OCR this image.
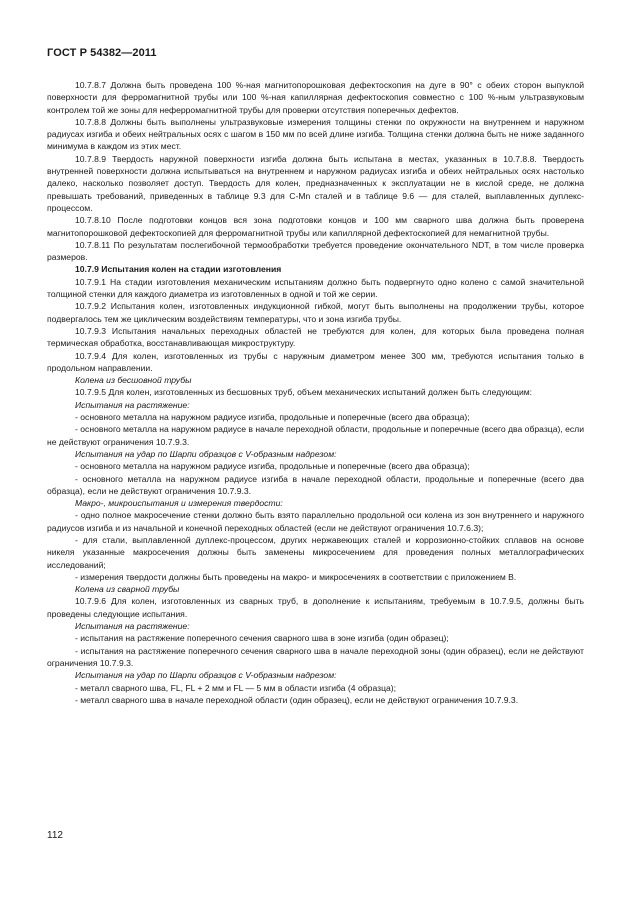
ГОСТ Р 54382—2011

10.7.8.7 Должна быть проведена 100 %-ная магнитопорошковая дефектоскопия на дуге в 90° с обеих сторон выпуклой поверхности для ферромагнитной трубы или 100 %-ная капиллярная дефектоскопия совместно с 100 %-ным ультразвуковым контролем той же зоны для неферромагнитной трубы для проверки отсутствия поперечных дефектов.

10.7.8.8 Должны быть выполнены ультразвуковые измерения толщины стенки по окружности на внутреннем и наружном радиусах изгиба и обеих нейтральных осях с шагом в 150 мм по всей длине изгиба. Толщина стенки должна быть не ниже заданного минимума в каждом из этих мест.

10.7.8.9 Твердость наружной поверхности изгиба должна быть испытана в местах, указанных в 10.7.8.8. Твердость внутренней поверхности должна испытываться на внутреннем и наружном радиусах изгиба и обеих нейтральных осях настолько далеко, насколько позволяет доступ. Твердость для колен, предназначенных к эксплуатации не в кислой среде, не должна превышать требований, приведенных в таблице 9.3 для С-Mn сталей и в таблице 9.6 — для сталей, выплавленных дуплекс-процессом.

10.7.8.10 После подготовки концов вся зона подготовки концов и 100 мм сварного шва должна быть проверена магнитопорошковой дефектоскопией для ферромагнитной трубы или капиллярной дефектоскопией для немагнитной трубы.

10.7.8.11 По результатам послегибочной термообработки требуется проведение окончательного NDT, в том числе проверка размеров.

10.7.9 Испытания колен на стадии изготовления

10.7.9.1 На стадии изготовления механическим испытаниям должно быть подвергнуто одно колено с самой значительной толщиной стенки для каждого диаметра из изготовленных в одной и той же серии.

10.7.9.2 Испытания колен, изготовленных индукционной гибкой, могут быть выполнены на продолжении трубы, которое подвергалось тем же циклическим воздействиям температуры, что и зона изгиба трубы.

10.7.9.3 Испытания начальных переходных областей не требуются для колен, для которых была проведена полная термическая обработка, восстанавливающая микроструктуру.

10.7.9.4 Для колен, изготовленных из трубы с наружным диаметром менее 300 мм, требуются испытания только в продольном направлении.

Колена из бесшовной трубы

10.7.9.5 Для колен, изготовленных из бесшовных труб, объем механических испытаний должен быть следующим:

Испытания на растяжение:

- основного металла на наружном радиусе изгиба, продольные и поперечные (всего два образца);

- основного металла на наружном радиусе в начале переходной области, продольные и поперечные (всего два образца), если не действуют ограничения 10.7.9.3.

Испытания на удар по Шарпи образцов с V-образным надрезом:

- основного металла на наружном радиусе изгиба, продольные и поперечные (всего два образца);

- основного металла на наружном радиусе изгиба в начале переходной области, продольные и поперечные (всего два образца), если не действуют ограничения 10.7.9.3.

Макро-, микроиспытания и измерения твердости:

- одно полное макросечение стенки должно быть взято параллельно продольной оси колена из зон внутреннего и наружного радиусов изгиба и из начальной и конечной переходных областей (если не действуют ограничения 10.7.6.3);

- для стали, выплавленной дуплекс-процессом, других нержавеющих сталей и коррозионно-стойких сплавов на основе никеля указанные макросечения должны быть заменены микросечением для проведения полных металлографических исследований;

- измерения твердости должны быть проведены на макро- и микросечениях в соответствии с приложением В.

Колена из сварной трубы

10.7.9.6 Для колен, изготовленных из сварных труб, в дополнение к испытаниям, требуемым в 10.7.9.5, должны быть проведены следующие испытания.

Испытания на растяжение:

- испытания на растяжение поперечного сечения сварного шва в зоне изгиба (один образец);

- испытания на растяжение поперечного сечения сварного шва в начале переходной зоны (один образец), если не действуют ограничения 10.7.9.3.

Испытания на удар по Шарпи образцов с V-образным надрезом:

- металл сварного шва, FL, FL + 2 мм и FL — 5 мм в области изгиба (4 образца);

- металл сварного шва в начале переходной области (один образец), если не действуют ограничения 10.7.9.3.

112
